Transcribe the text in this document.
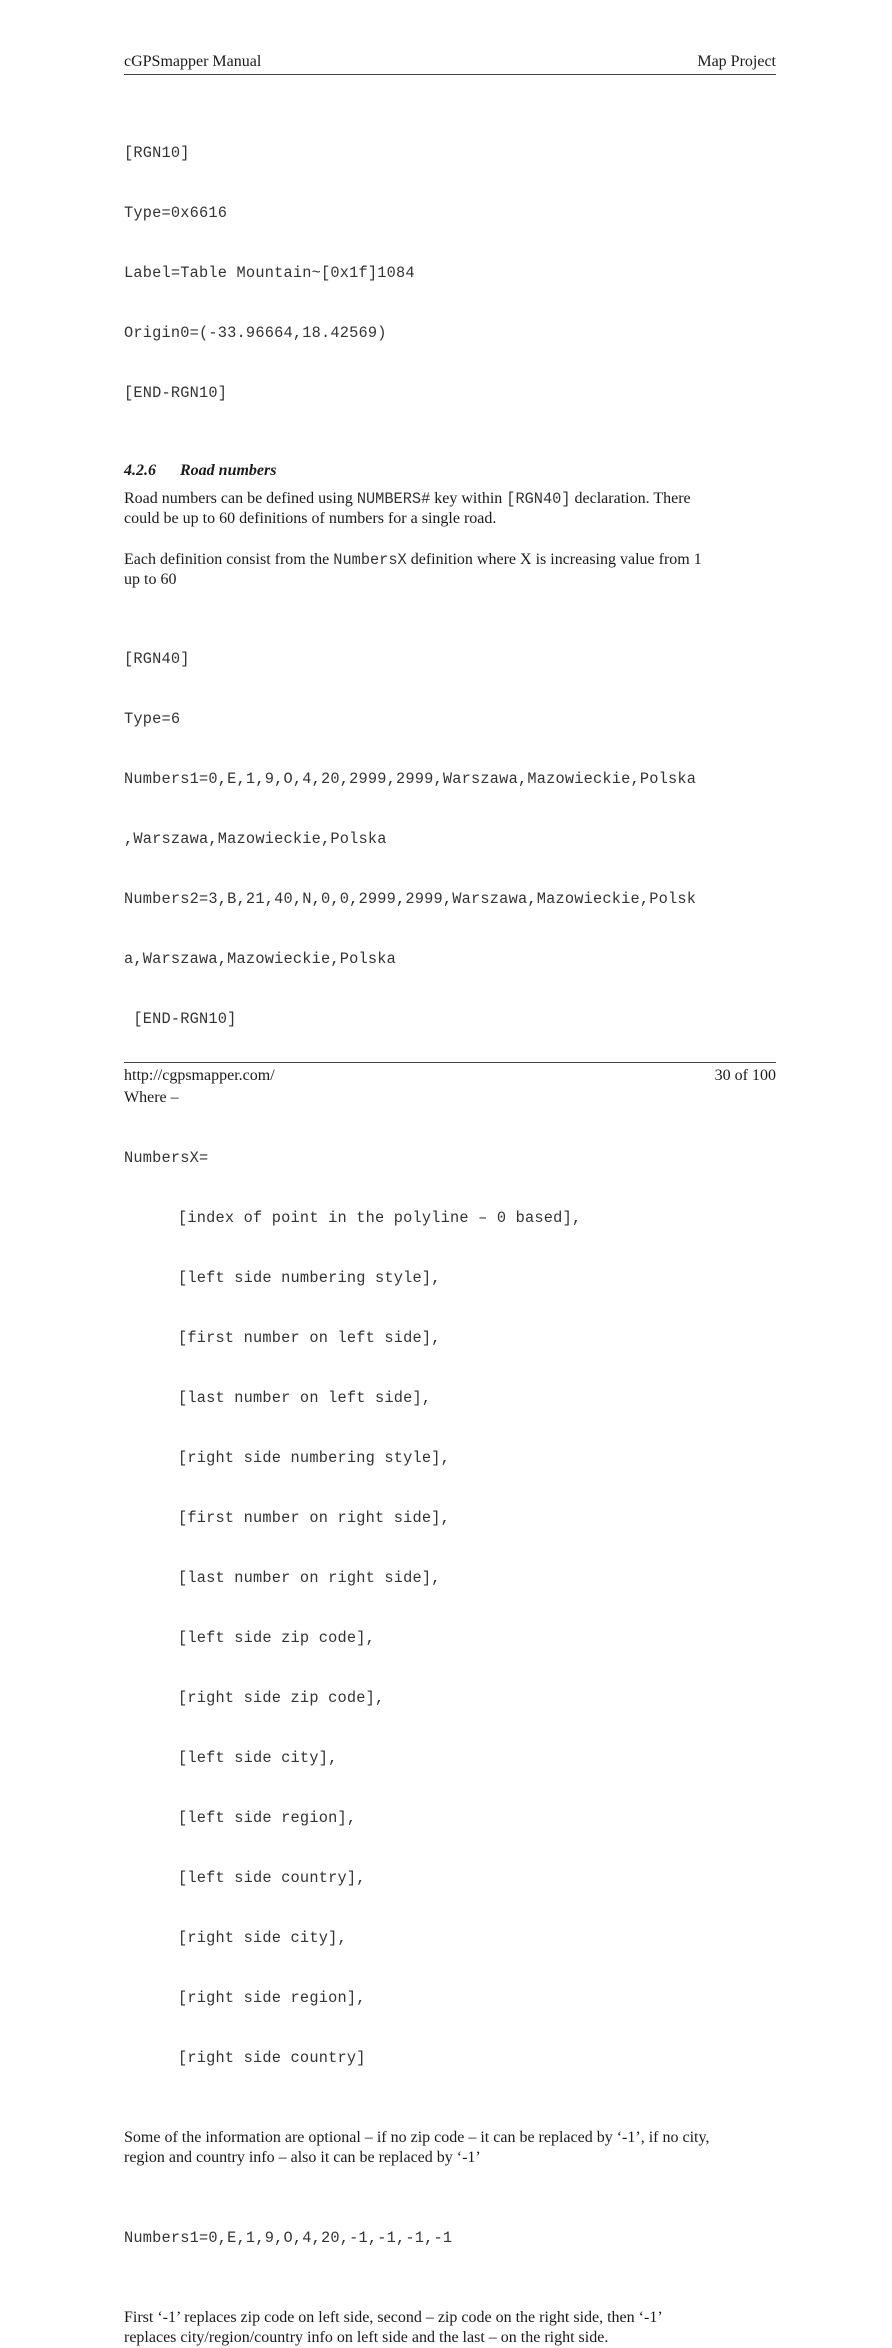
cGPSmapper Manual	Map Project

[RGN10]

Type=0x6616

Label=Table Mountain~[0x1f]1084

Origin0=(-33.96664,18.42569)

[END-RGN10]

4.2.6 Road numbers
Road numbers can be defined using NUMBERS# key within [RGN40] declaration. There
could be up to 60 definitions of numbers for a single road.
Each definition consist from the NumbersX definition where X is increasing value from 1
up to 60

[RGN40]

Type=6

Numbers1=0,E,1,9,O,4,20,2999,2999,Warszawa,Mazowieckie,Polska

,Warszawa,Mazowieckie,Polska

Numbers2=3,B,21,40,N,0,0,2999,2999,Warszawa,Mazowieckie,Polsk

a,Warszawa,Mazowieckie,Polska

[END-RGN10]

Where –

NumbersX=

[index of point in the polyline – 0 based],

[left side numbering style],

[first number on left side],

[last number on left side],

[right side numbering style],

[first number on right side],

[last number on right side],

[left side zip code],

[right side zip code],

[left side city],

[left side region],

[left side country],

[right side city],

[right side region],

[right side country]

Some of the information are optional – if no zip code – it can be replaced by ‘-1’, if no city,
region and country info – also it can be replaced by ‘-1’

Numbers1=0,E,1,9,O,4,20,-1,-1,-1,-1

First ‘-1’ replaces zip code on left side, second – zip code on the right side, then ‘-1’
replaces city/region/country info on left side and the last – on the right side.
http://cgpsmapper.com/	30 of 100
